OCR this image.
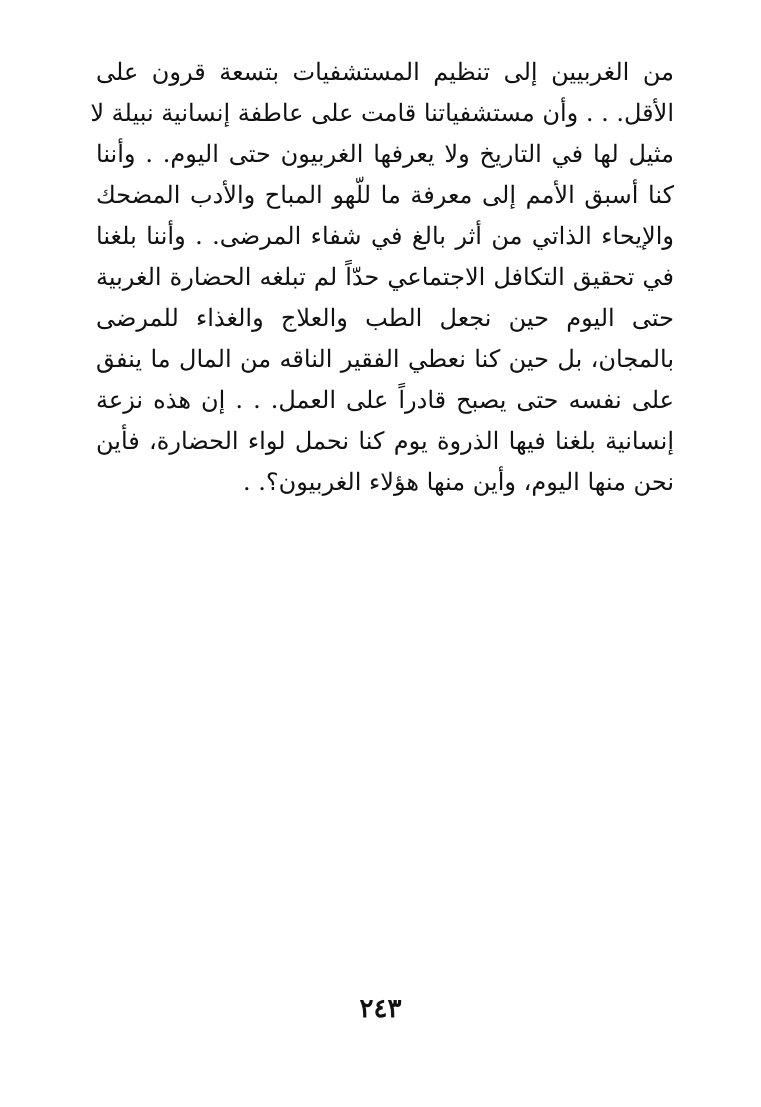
من الغربيين إلى تنظيم المستشفيات بتسعة قرون على
الأقل. . . وأن مستشفياتنا قامت على عاطفة إنسانية نبيلة لا
مثيل لها في التاريخ ولا يعرفها الغربيون حتى اليوم. . وأننا
كنا أسبق الأمم إلى معرفة ما للّهو المباح والأدب المضحك
والإيحاء الذاتي من أثر بالغ في شفاء المرضى. . وأننا بلغنا
في تحقيق التكافل الاجتماعي حدّاً لم تبلغه الحضارة الغربية
حتى اليوم حين نجعل الطب والعلاج والغذاء للمرضى
بالمجان، بل حين كنا نعطي الفقير الناقه من المال ما ينفق
على نفسه حتى يصبح قادراً على العمل. . . إن هذه نزعة
إنسانية بلغنا فيها الذروة يوم كنا نحمل لواء الحضارة، فأين
نحن منها اليوم، وأين منها هؤلاء الغربيون؟. .
٢٤٣
